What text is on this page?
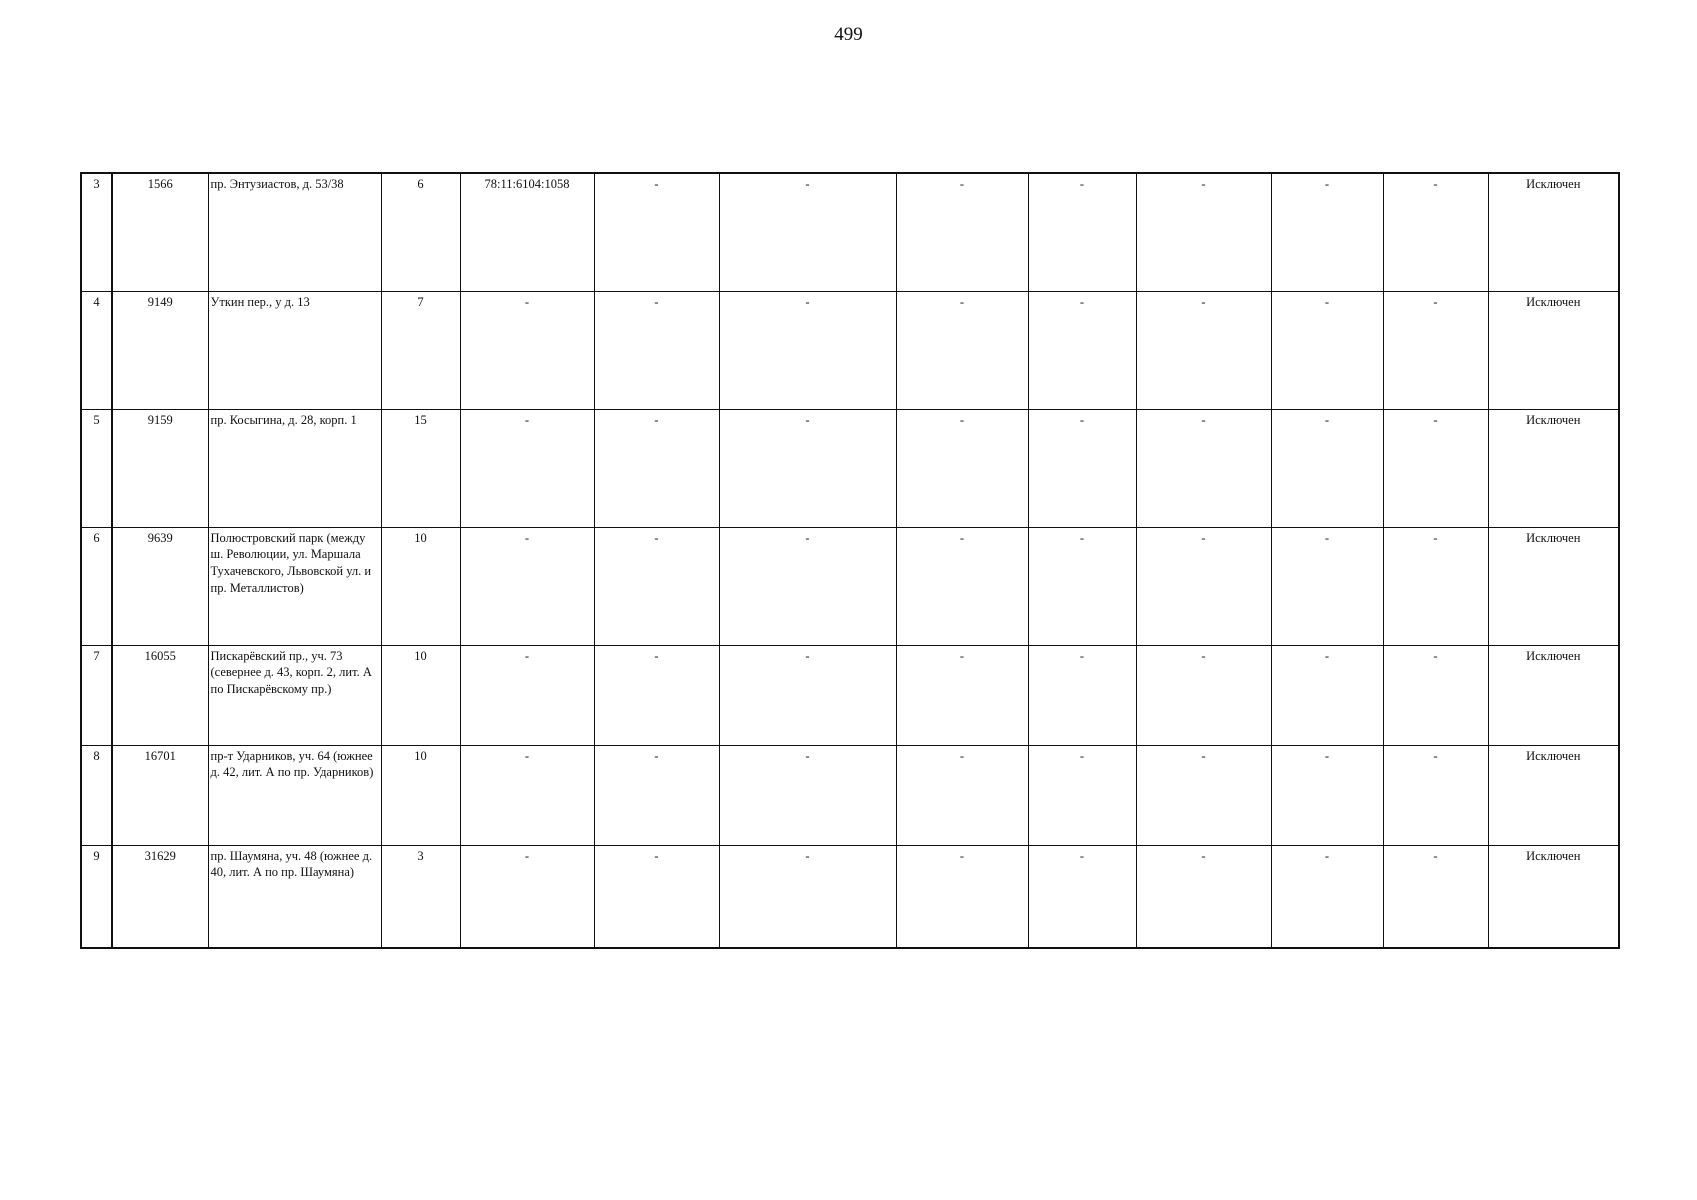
499
3	1566	пр. Энтузиастов, д. 53/38	6	78:11:6104:1058	-	-	-	-	-	-	-	Исключен
4	9149	Уткин пер., у д. 13	7	-	-	-	-	-	-	-	-	Исключен
5	9159	пр. Косыгина, д. 28, корп. 1	15	-	-	-	-	-	-	-	-	Исключен
6	9639	Полюстровский парк (между ш. Революции, ул. Маршала Тухачевского, Львовской ул. и пр. Металлистов)	10	-	-	-	-	-	-	-	-	Исключен
7	16055	Пискарёвский пр., уч. 73 (севернее д. 43, корп. 2, лит. А по Пискарёвскому пр.)	10	-	-	-	-	-	-	-	-	Исключен
8	16701	пр-т Ударников, уч. 64 (южнее д. 42, лит. А по пр. Ударников)	10	-	-	-	-	-	-	-	-	Исключен
9	31629	пр. Шаумяна, уч. 48 (южнее д. 40, лит. А по пр. Шаумяна)	3	-	-	-	-	-	-	-	-	Исключен
